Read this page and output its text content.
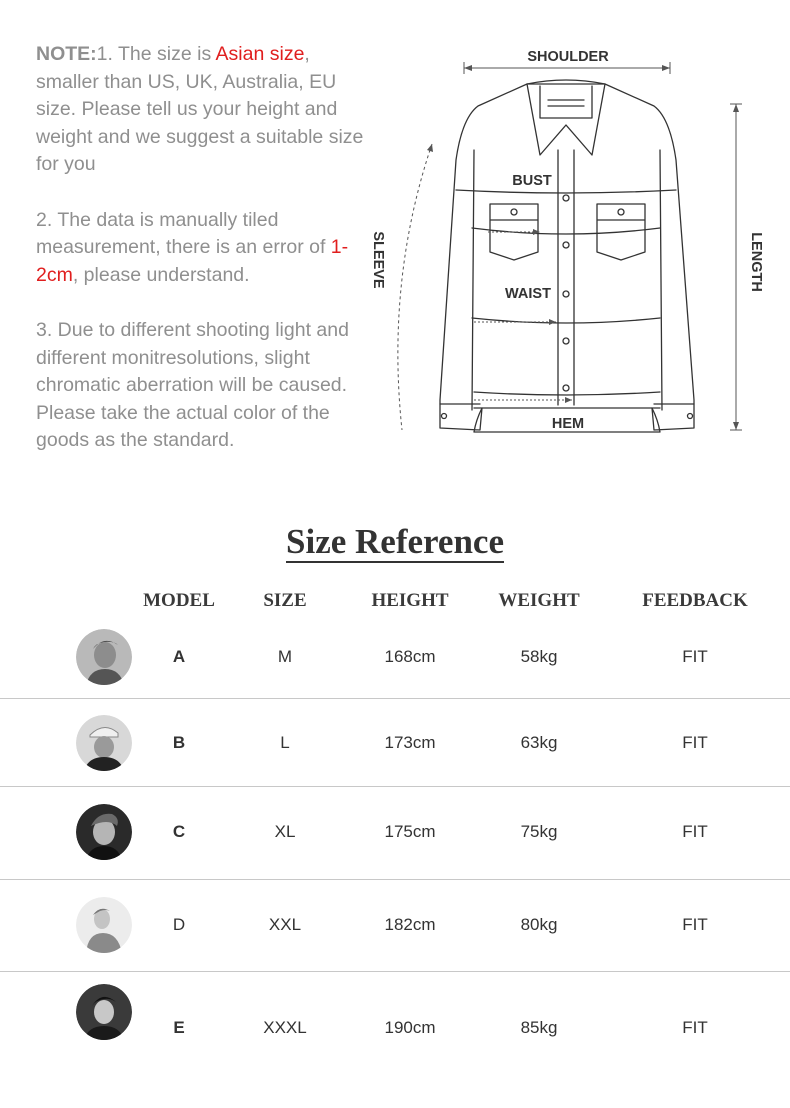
NOTE:1. The size is Asian size, smaller than US, UK, Australia, EU size. Please tell us your height and weight and we suggest a suitable size for you

2. The data is manually tiled measurement, there is an error of 1-2cm, please understand.

3. Due to different shooting light and different monitresolutions, slight chromatic aberration will be caused. Please take the actual color of the goods as the standard.

SHOULDER
BUST
WAIST
HEM
SLEEVE	LENGTH
Size Reference
MODEL	SIZE	HEIGHT	WEIGHT	FEEDBACK
A	M	168cm	58kg	FIT
B	L	173cm	63kg	FIT
C	XL	175cm	75kg	FIT
D	XXL	182cm	80kg	FIT
E	XXXL	190cm	85kg	FIT
